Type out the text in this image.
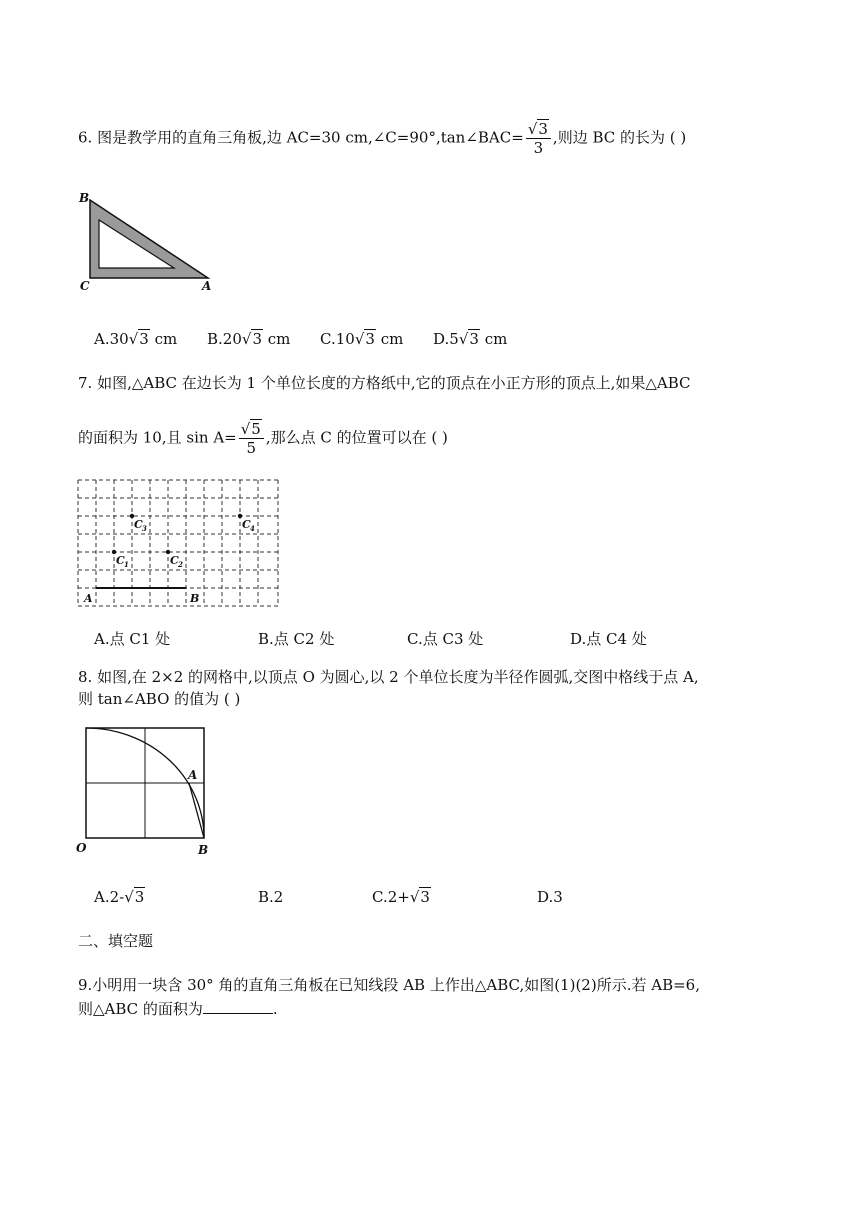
6. 图是教学用的直角三角板,边 AC=30 cm,∠C=90°,tan∠BAC= $\frac{√3}{3}$ ,则边 BC 的长为 ( )
B
C	A
A.30√3 cm B.20√3 cm C.10√3 cm D.5√3 cm
7. 如图,△ABC 在边长为 1 个单位长度的方格纸中,它的顶点在小正方形的顶点上,如果△ABC
的面积为 10,且 $\sin A= \frac{√5}{5}$ ,那么点 C 的位置可以在 ( )
A	B
C 1	C 2
C 3	C 4
A.点 C1 处	B.点 C2 处	C.点 C3 处	D.点 C4 处
8. 如图,在 2×2 的网格中,以顶点 O 为圆心,以 2 个单位长度为半径作圆弧,交图中格线于点 A,
则 tan∠ABO 的值为 ( )
O
A
B
A.2-√3	B.2	C.2+√3	D.3
二、填空题
9.小明用一块含 30° 角的直角三角板在已知线段 AB 上作出△ABC,如图(1)(2)所示.若 AB=6,
则△ABC 的面积为	.
